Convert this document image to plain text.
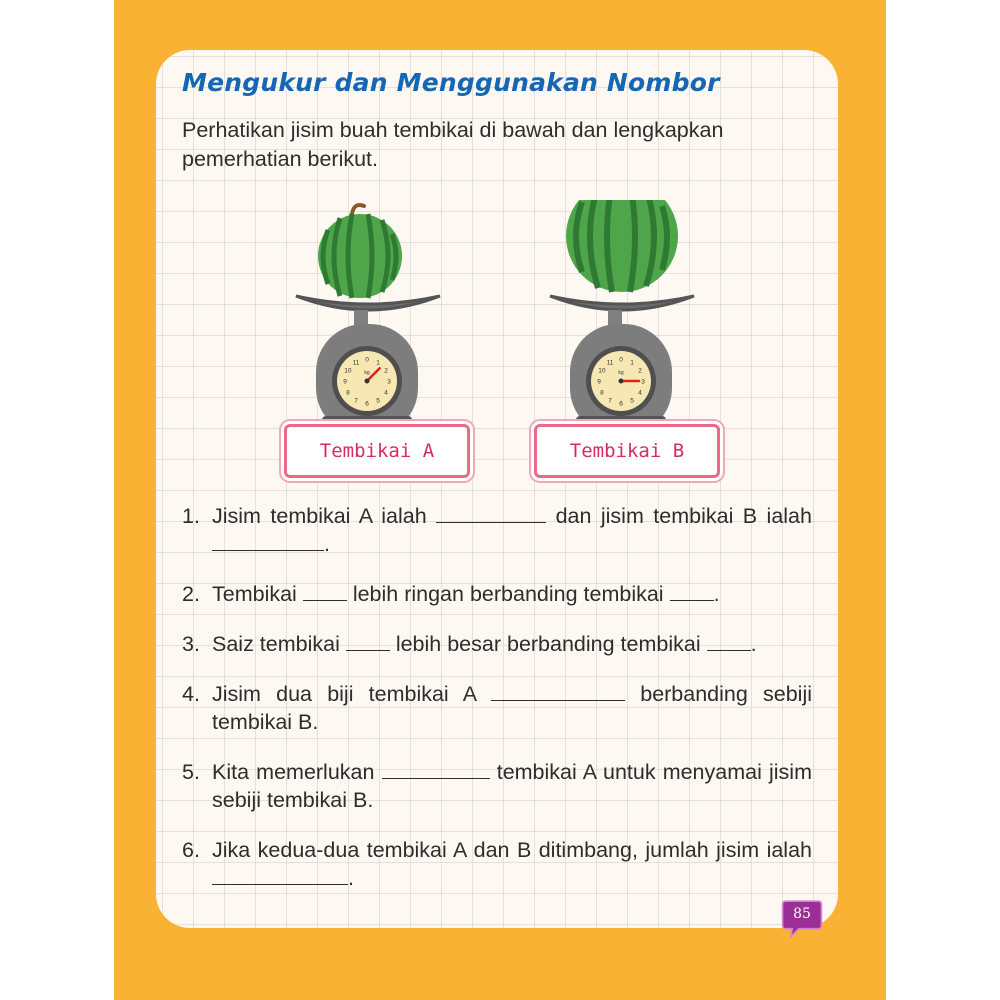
Mengukur dan Menggunakan Nombor
Perhatikan jisim buah tembikai di bawah dan lengkapkan pemerhatian berikut.
0 1
2
3
4
5
6
7
8
9
10
11
kg
0 1
2
3
4
5
6
7
8
9
10
11
kg
Tembikai A	Tembikai B
1. Jisim tembikai A ialah	dan jisim tembikai B ialah .
2. Tembikai	lebih ringan berbanding tembikai .
3. Saiz tembikai	lebih besar berbanding tembikai .
4. Jisim dua biji tembikai A	berbanding sebiji tembikai B.
5. Kita memerlukan	tembikai A untuk menyamai jisim sebiji tembikai B.
6. Jika kedua-dua tembikai A dan B ditimbang, jumlah jisim ialah .
85
